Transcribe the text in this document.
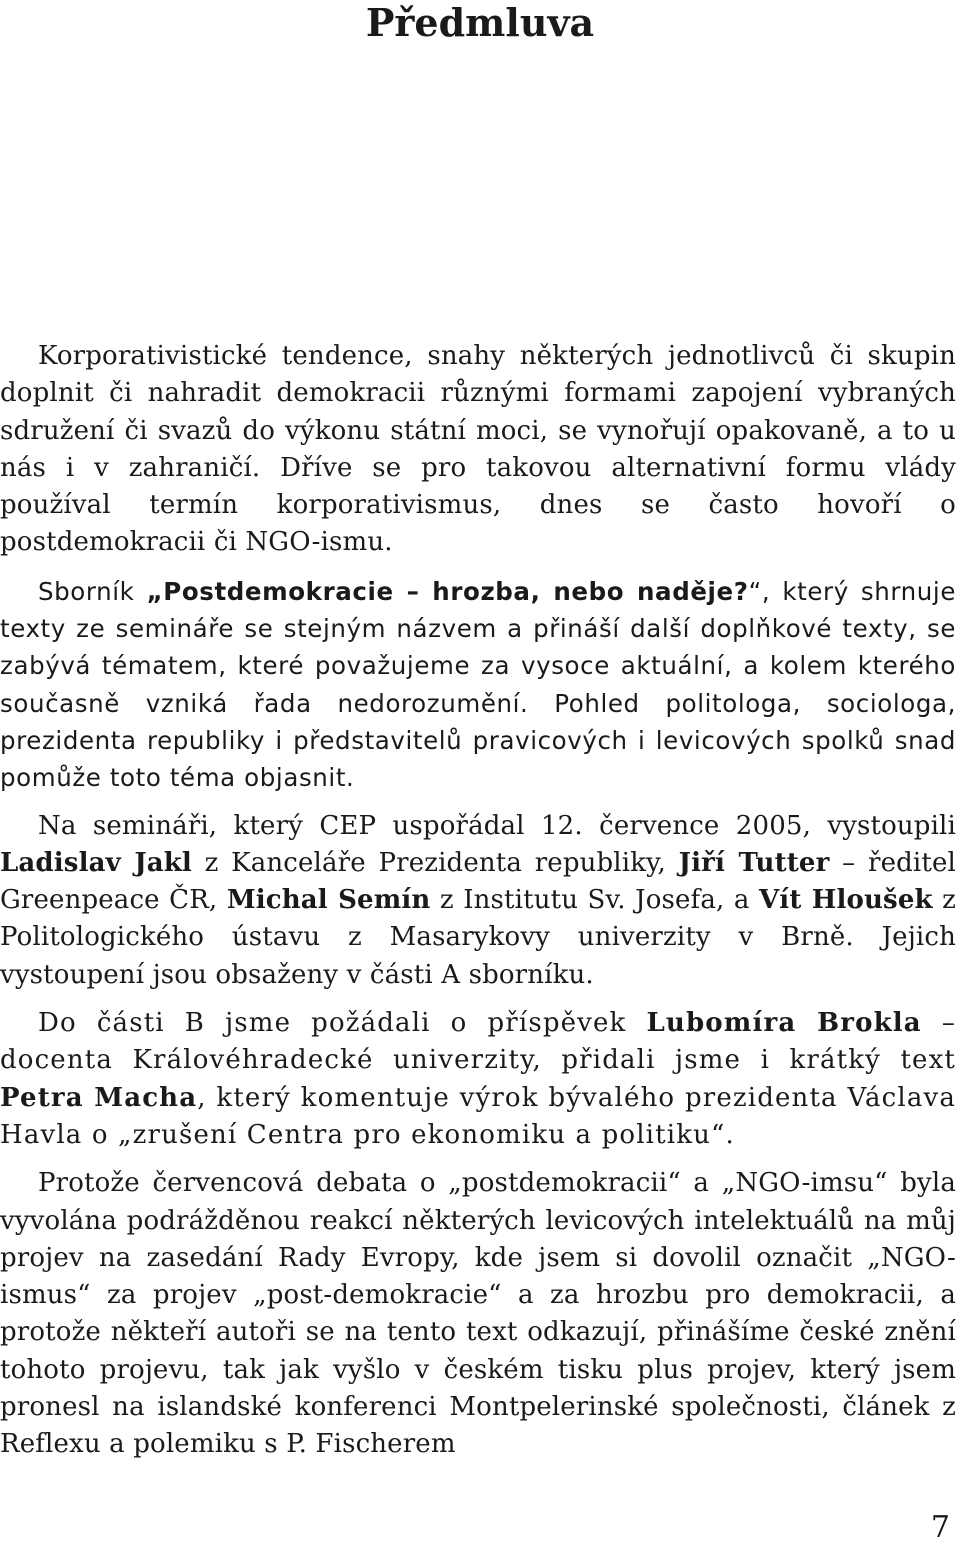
Předmluva

Korporativistické tendence, snahy některých jednotlivců či skupin doplnit či nahradit demokracii různými formami zapojení vybraných sdružení či svazů do výkonu státní moci, se vynořují opakovaně, a to u nás i v zahraničí. Dříve se pro takovou alternativní formu vlády používal termín korporativismus, dnes se často hovoří o postdemokracii či NGO-ismu.

Sborník „Postdemokracie – hrozba, nebo naděje?“, který shrnuje texty ze semináře se stejným názvem a přináší další doplňkové texty, se zabývá tématem, které považujeme za vysoce aktuální, a kolem kterého současně vzniká řada nedorozumění. Pohled politologa, sociologa, prezidenta republiky i představitelů pravicových i levicových spolků snad pomůže toto téma objasnit.

Na semináři, který CEP uspořádal 12. července 2005, vystoupili Ladislav Jakl z Kanceláře Prezidenta republiky, Jiří Tutter – ředitel Greenpeace ČR, Michal Semín z Institutu Sv. Josefa, a Vít Hloušek z Politologického ústavu z Masarykovy univerzity v Brně. Jejich vystoupení jsou obsaženy v části A sborníku.

Do části B jsme požádali o příspěvek Lubomíra Brokla – docenta Královéhradecké univerzity, přidali jsme i krátký text Petra Macha, který komentuje výrok bývalého prezidenta Václava Havla o „zrušení Centra pro ekonomiku a politiku“.

Protože červencová debata o „postdemokracii“ a „NGO-imsu“ byla vyvolána podrážděnou reakcí některých levicových intelektuálů na můj projev na zasedání Rady Evropy, kde jsem si dovolil označit „NGO-ismus“ za projev „post-demokracie“ a za hrozbu pro demokracii, a protože někteří autoři se na tento text odkazují, přinášíme české znění tohoto projevu, tak jak vyšlo v českém tisku plus projev, který jsem pronesl na islandské konferenci Montpelerinské společnosti, článek z Reflexu a polemiku s P. Fischerem

7
